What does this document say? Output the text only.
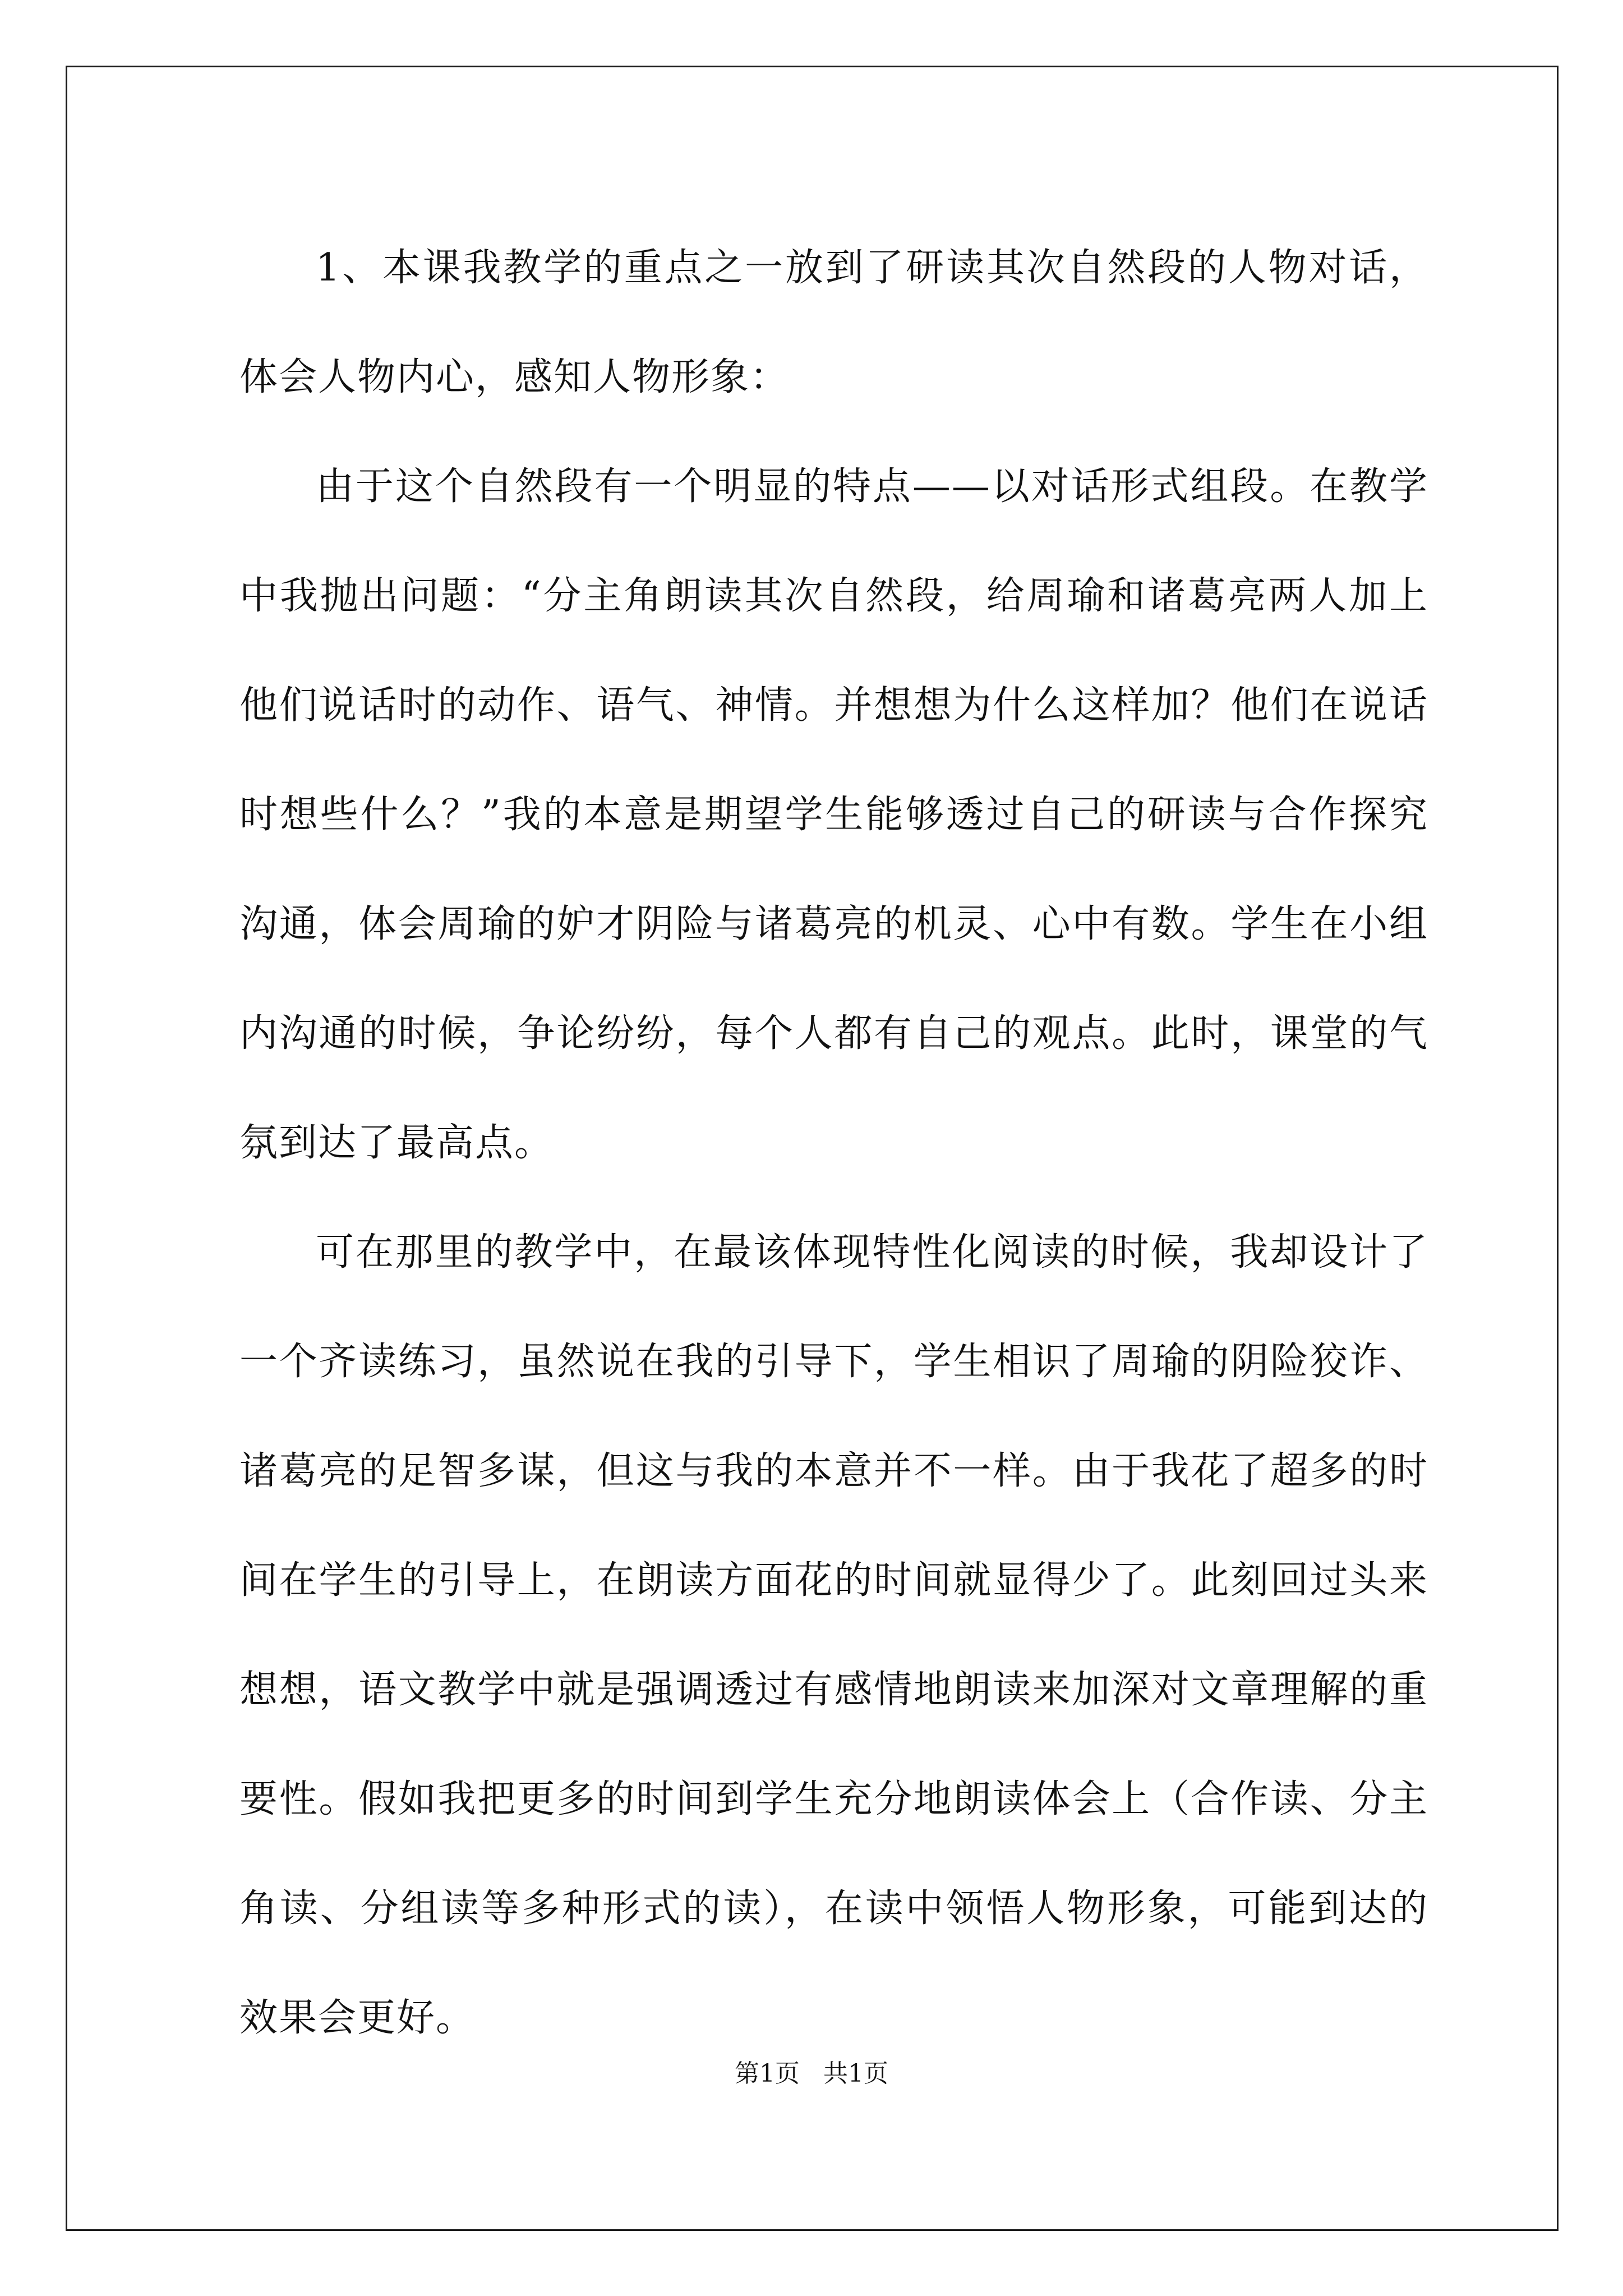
1、本课我教学的重点之一放到了研读其次自然段的人物对话，体会人物内心，感知人物形象：

由于这个自然段有一个明显的特点——以对话形式组段。在教学中我抛出问题：“分主角朗读其次自然段，给周瑜和诸葛亮两人加上他们说话时的动作、语气、神情。并想想为什么这样加？他们在说话时想些什么？”我的本意是期望学生能够透过自己的研读与合作探究沟通，体会周瑜的妒才阴险与诸葛亮的机灵、心中有数。学生在小组内沟通的时候，争论纷纷，每个人都有自己的观点。此时，课堂的气氛到达了最高点。

可在那里的教学中，在最该体现特性化阅读的时候，我却设计了一个齐读练习，虽然说在我的引导下，学生相识了周瑜的阴险狡诈、诸葛亮的足智多谋，但这与我的本意并不一样。由于我花了超多的时间在学生的引导上，在朗读方面花的时间就显得少了。此刻回过头来想想，语文教学中就是强调透过有感情地朗读来加深对文章理解的重要性。假如我把更多的时间到学生充分地朗读体会上（合作读、分主角读、分组读等多种形式的读），在读中领悟人物形象，可能到达的效果会更好。

第1页   共1页
